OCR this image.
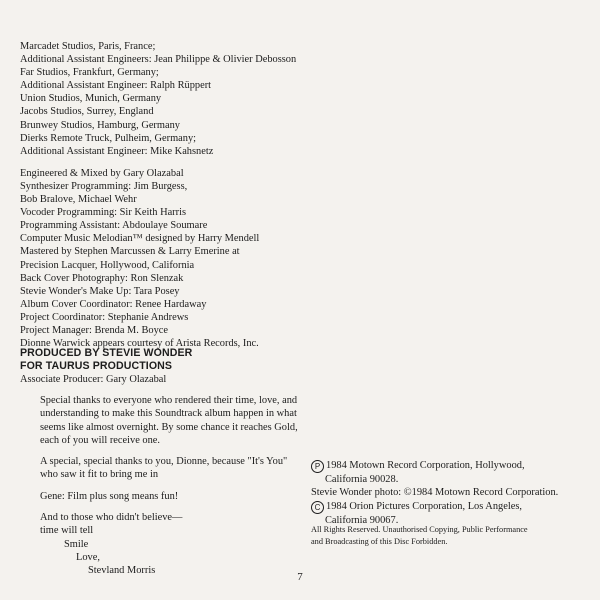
Marcadet Studios, Paris, France;
Additional Assistant Engineers: Jean Philippe & Olivier Debosson
Far Studios, Frankfurt, Germany;
Additional Assistant Engineer: Ralph Rüppert
Union Studios, Munich, Germany
Jacobs Studios, Surrey, England
Brunwey Studios, Hamburg, Germany
Dierks Remote Truck, Pulheim, Germany;
Additional Assistant Engineer: Mike Kahsnetz
Engineered & Mixed by Gary Olazabal
Synthesizer Programming: Jim Burgess,
Bob Bralove, Michael Wehr
Vocoder Programming: Sir Keith Harris
Programming Assistant: Abdoulaye Soumare
Computer Music Melodian™ designed by Harry Mendell
Mastered by Stephen Marcussen & Larry Emerine at
Precision Lacquer, Hollywood, California
Back Cover Photography: Ron Slenzak
Stevie Wonder's Make Up: Tara Posey
Album Cover Coordinator: Renee Hardaway
Project Coordinator: Stephanie Andrews
Project Manager: Brenda M. Boyce
Dionne Warwick appears courtesy of Arista Records, Inc.
PRODUCED BY STEVIE WONDER
FOR TAURUS PRODUCTIONS
Associate Producer: Gary Olazabal
Special thanks to everyone who rendered their time, love, and
understanding to make this Soundtrack album happen in what
seems like almost overnight. By some chance it reaches Gold,
each of you will receive one.
A special, special thanks to you, Dionne, because "It's You"
who saw it fit to bring me in
Gene: Film plus song means fun!
And to those who didn't believe—
time will tell
Smile
Love,
Stevland Morris
P 1984 Motown Record Corporation, Hollywood,
California 90028.
Stevie Wonder photo: ©1984 Motown Record Corporation.
C 1984 Orion Pictures Corporation, Los Angeles,
California 90067.
All Rights Reserved. Unauthorised Copying, Public Performance
and Broadcasting of this Disc Forbidden.
7
